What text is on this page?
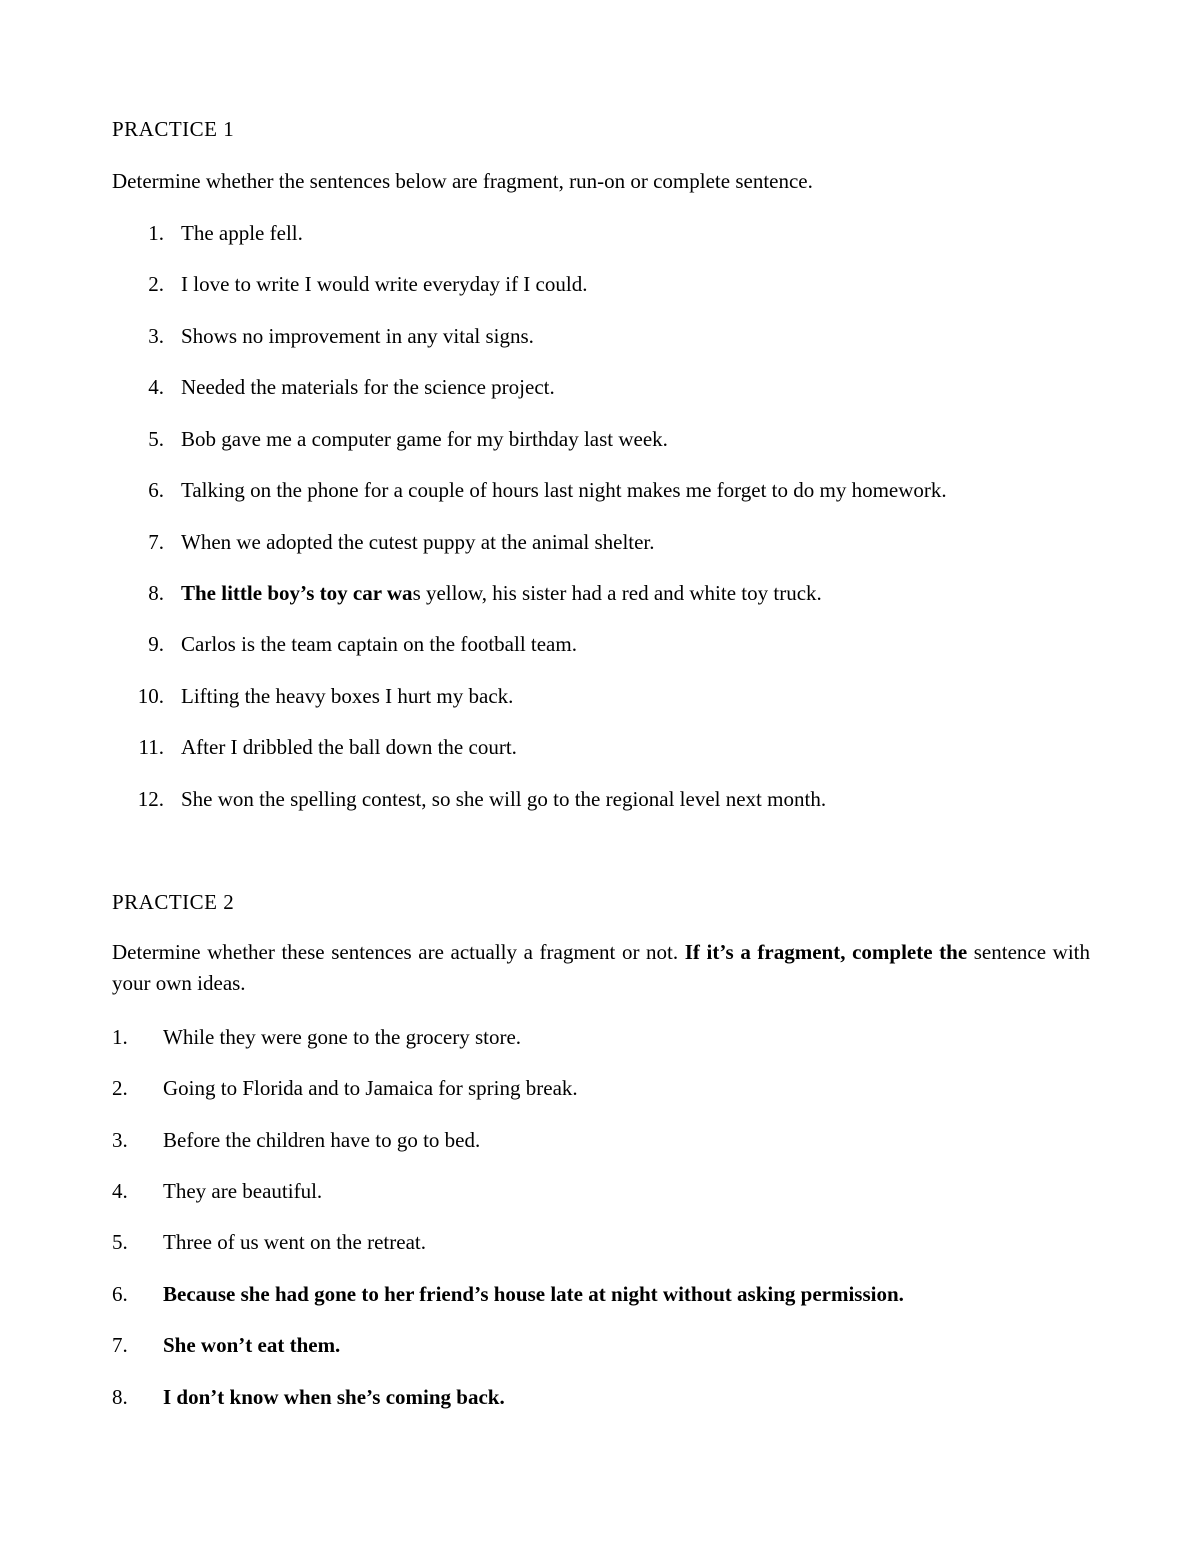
PRACTICE 1

Determine whether the sentences below are fragment, run-on or complete sentence.

1. The apple fell.
2. I love to write I would write everyday if I could.
3. Shows no improvement in any vital signs.
4. Needed the materials for the science project.
5. Bob gave me a computer game for my birthday last week.
6. Talking on the phone for a couple of hours last night makes me forget to do my homework.
7. When we adopted the cutest puppy at the animal shelter.
8. The little boy’s toy car was yellow, his sister had a red and white toy truck.
9. Carlos is the team captain on the football team.
10. Lifting the heavy boxes I hurt my back.
11. After I dribbled the ball down the court.
12. She won the spelling contest, so she will go to the regional level next month.
PRACTICE 2

Determine whether these sentences are actually a fragment or not. If it’s a fragment, complete the sentence with your own ideas.

1. While they were gone to the grocery store.
2. Going to Florida and to Jamaica for spring break.
3. Before the children have to go to bed.
4. They are beautiful.
5. Three of us went on the retreat.
6. Because she had gone to her friend’s house late at night without asking permission.
7. She won’t eat them.
8. I don’t know when she’s coming back.
